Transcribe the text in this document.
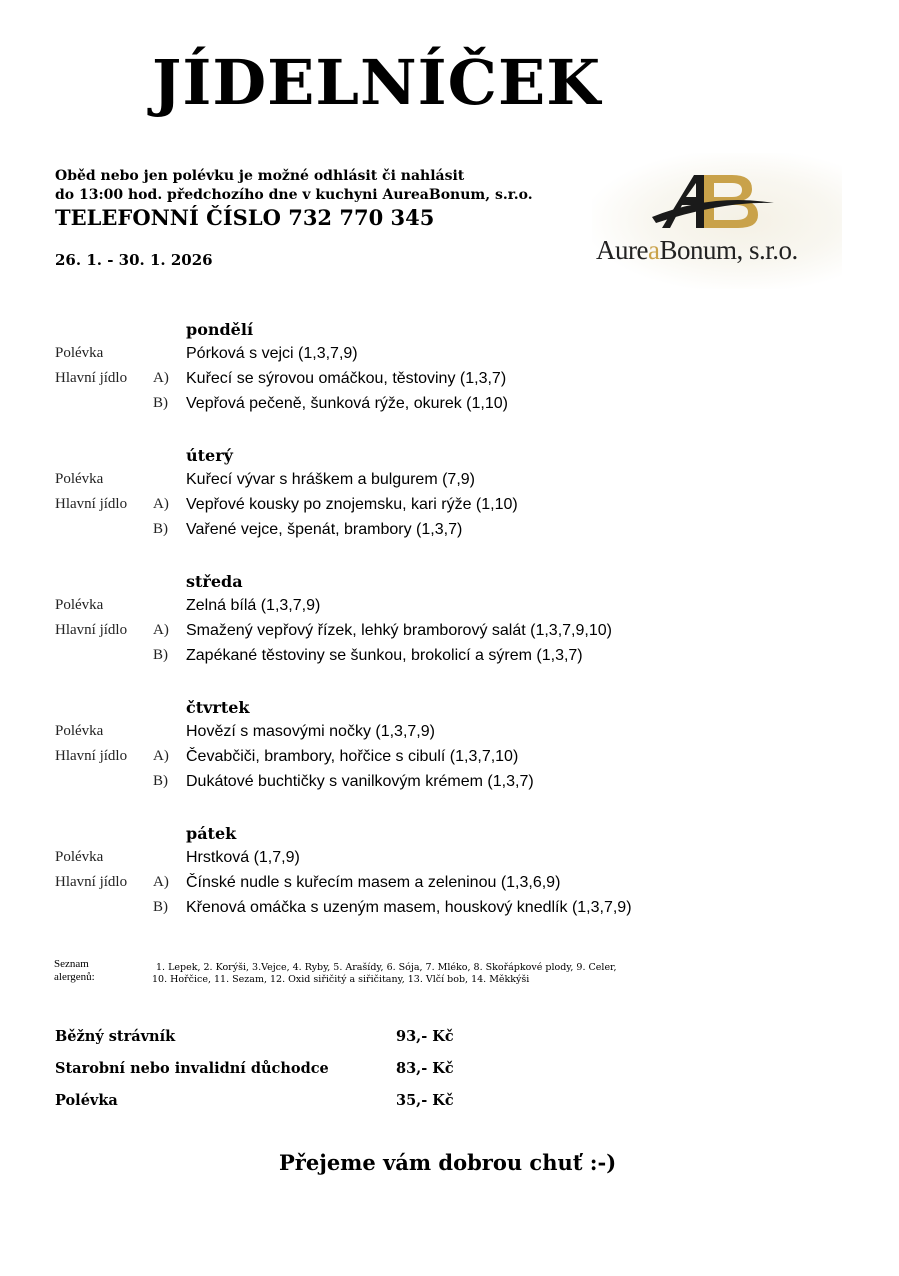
JÍDELNÍČEK
Oběd nebo jen polévku je možné odhlásit či nahlásit
do 13:00 hod. předchozího dne v kuchyni AureaBonum, s.r.o.
TELEFONNÍ ČÍSLO 732 770 345
26. 1. - 30. 1. 2026	AureaBonum, s.r.o.
pondělí
Polévka	Pórková s vejci (1,3,7,9)
Hlavní jídlo A) Kuřecí se sýrovou omáčkou, těstoviny (1,3,7)
B) Vepřová pečeně, šunková rýže, okurek (1,10)
úterý
Polévka	Kuřecí vývar s hráškem a bulgurem (7,9)
Hlavní jídlo A) Vepřové kousky po znojemsku, kari rýže (1,10)
B) Vařené vejce, špenát, brambory (1,3,7)
středa
Polévka	Zelná bílá (1,3,7,9)
Hlavní jídlo A) Smažený vepřový řízek, lehký bramborový salát (1,3,7,9,10)
B) Zapékané těstoviny se šunkou, brokolicí a sýrem (1,3,7)
čtvrtek
Polévka	Hovězí s masovými nočky (1,3,7,9)
Hlavní jídlo A) Čevabčiči, brambory, hořčice s cibulí (1,3,7,10)
B) Dukátové buchtičky s vanilkovým krémem (1,3,7)
pátek
Polévka	Hrstková (1,7,9)
Hlavní jídlo A) Čínské nudle s kuřecím masem a zeleninou (1,3,6,9)
B) Křenová omáčka s uzeným masem, houskový knedlík (1,3,7,9)
Seznam
alergenů:
1. Lepek, 2. Korýši, 3.Vejce, 4. Ryby, 5. Arašídy, 6. Sója, 7. Mléko, 8. Skořápkové plody, 9. Celer,
10. Hořčice, 11. Sezam, 12. Oxid siřičitý a siřičitany, 13. Vlčí bob, 14. Měkkýši
Běžný strávník	93,- Kč
Starobní nebo invalidní důchodce	83,- Kč
Polévka	35,- Kč
Přejeme vám dobrou chuť :-)
